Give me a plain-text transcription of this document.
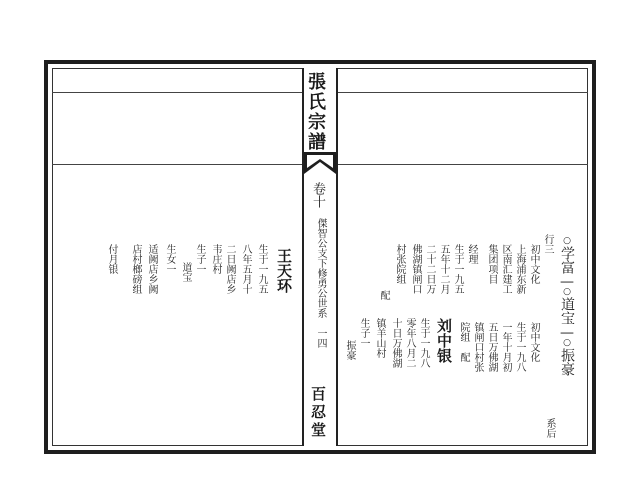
張氏宗譜
卷十
傑智公支下修勇公世系　一四
百忍堂
○学富—○道宝—○振豪
系后
行三
初中文化
上海浦东新
区南汇建工
集团项目
经理
生于一九五
五年十二月
二十二日万
佛湖镇闸口
村张院组
配
初中文化
生于一九八
一年十月初
五日万佛湖
镇闸口村张
院组　配
刘中银
生于一九八
零年八月二
十日万佛湖
镇羊山村
生子一
振豪
王天环
生于一九五
八年五月十
二日阙店乡
韦庄村
生子一
道宝
生女一
适阙店乡阙
店村榔磅组
付月银
